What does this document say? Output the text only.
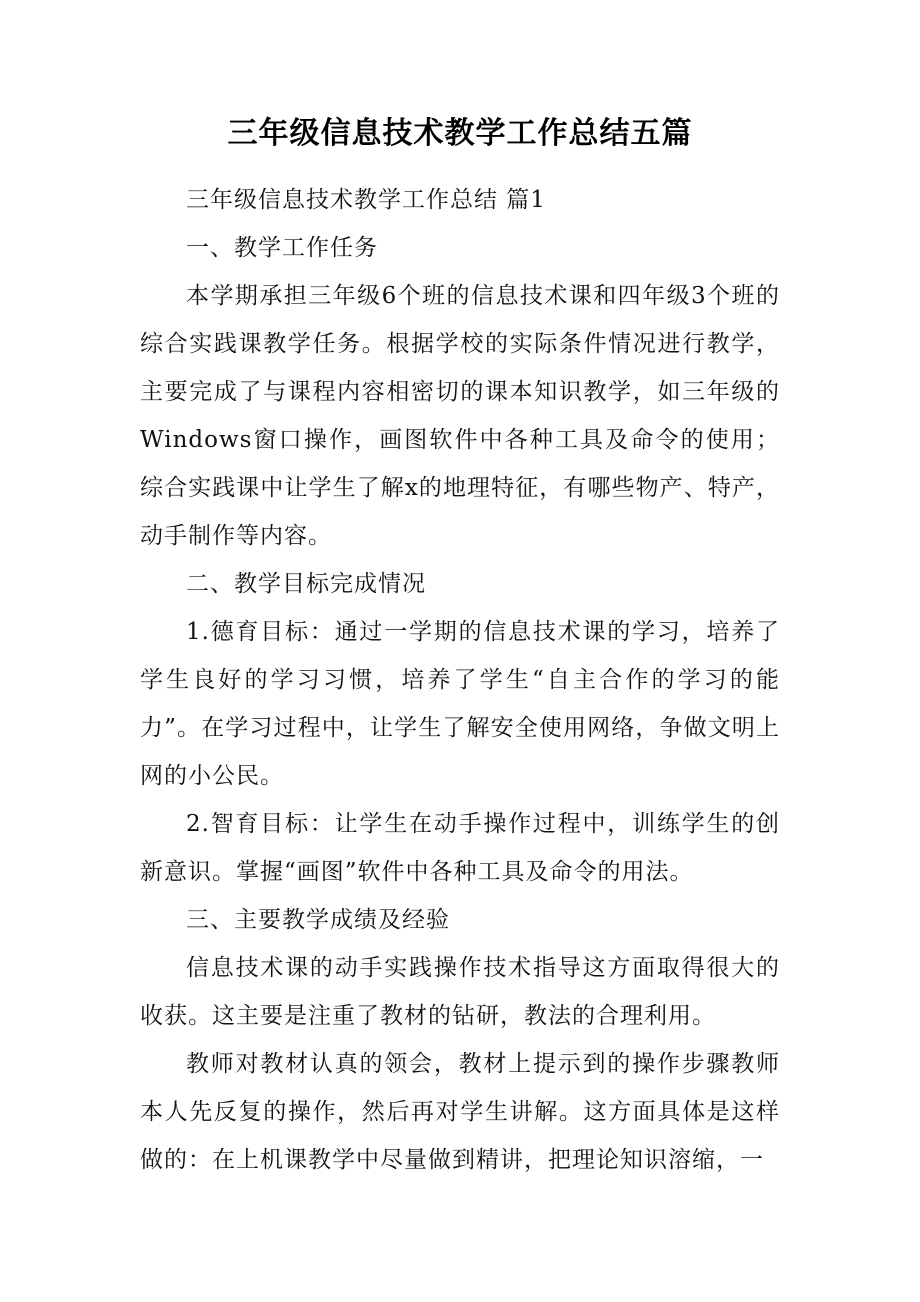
三年级信息技术教学工作总结五篇

三年级信息技术教学工作总结 篇1

一、教学工作任务

本学期承担三年级6个班的信息技术课和四年级3个班的综合实践课教学任务。根据学校的实际条件情况进行教学，主要完成了与课程内容相密切的课本知识教学，如三年级的Windows窗口操作，画图软件中各种工具及命令的使用；综合实践课中让学生了解x的地理特征，有哪些物产、特产，动手制作等内容。

二、教学目标完成情况

1.德育目标：通过一学期的信息技术课的学习，培养了学生良好的学习习惯，培养了学生“自主合作的学习的能力”。在学习过程中，让学生了解安全使用网络，争做文明上网的小公民。

2.智育目标：让学生在动手操作过程中，训练学生的创新意识。掌握“画图”软件中各种工具及命令的用法。

三、主要教学成绩及经验

信息技术课的动手实践操作技术指导这方面取得很大的收获。这主要是注重了教材的钻研，教法的合理利用。

教师对教材认真的领会，教材上提示到的操作步骤教师本人先反复的操作，然后再对学生讲解。这方面具体是这样做的：在上机课教学中尽量做到精讲，把理论知识溶缩，一
